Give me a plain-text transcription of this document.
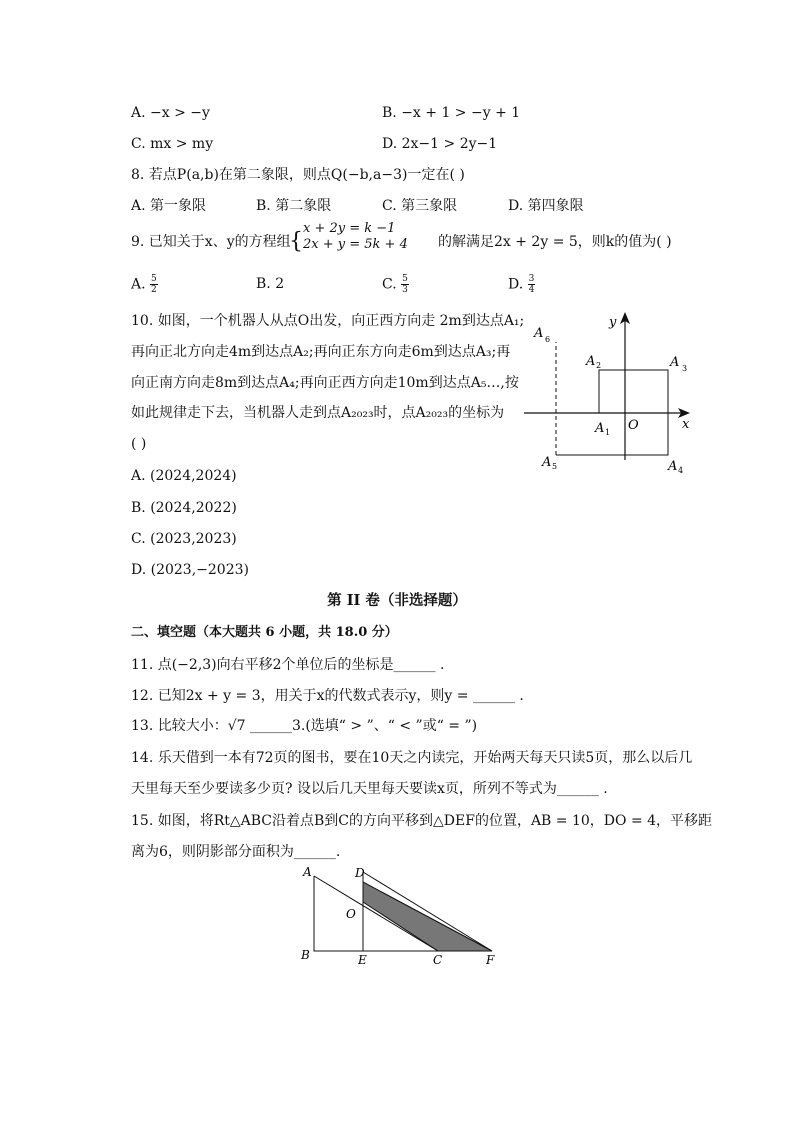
A. −x > −y	B. −x + 1 > −y + 1
C. mx > my	D. 2x−1 > 2y−1
8. 若点P(a,b)在第二象限，则点Q(−b,a−3)一定在( )
A. 第一象限	B. 第二象限	C. 第三象限	D. 第四象限
9. 已知关于x、y的方程组
{
x + 2y = k −1
2x + y = 5k + 4 的解满足2x + 2y = 5，则k的值为( )
A. $\frac{5}{2}$	B. 2	C. $\frac{5}{3}$	D. $\frac{3}{4}$
10. 如图，一个机器人从点O出发，向正西方向走 2m到达点A₁;
再向正北方向走4m到达点A₂;再向正东方向走6m到达点A₃;再
向正南方向走8m到达点A₄;再向正西方向走10m到达点A₅…,按
如此规律走下去，当机器人走到点A₂₀₂₃时，点A₂₀₂₃的坐标为
( )
A. (2024,2024)
B. (2024,2022)
C. (2023,2023)
D. (2023,−2023)
y
x
O
A 1
A 2	A 3
A 4
A 5
A 6
第 II 卷（非选择题）
二、填空题（本大题共 6 小题，共 18.0 分）
11. 点(−2,3)向右平移2个单位后的坐标是______ .
12. 已知2x + y = 3，用关于x的代数式表示y，则y = ______ .
13. 比较大小：√7 ______3.(选填“ > ”、“ < ”或“ = ”)
14. 乐天借到一本有72页的图书，要在10天之内读完，开始两天每天只读5页，那么以后几
天里每天至少要读多少页? 设以后几天里每天要读x页，所列不等式为______ .
15. 如图，将Rt△ABC沿着点B到C的方向平移到△DEF的位置，AB = 10，DO = 4，平移距
离为6，则阴影部分面积为______.
A
B
D
O
E	C	F
